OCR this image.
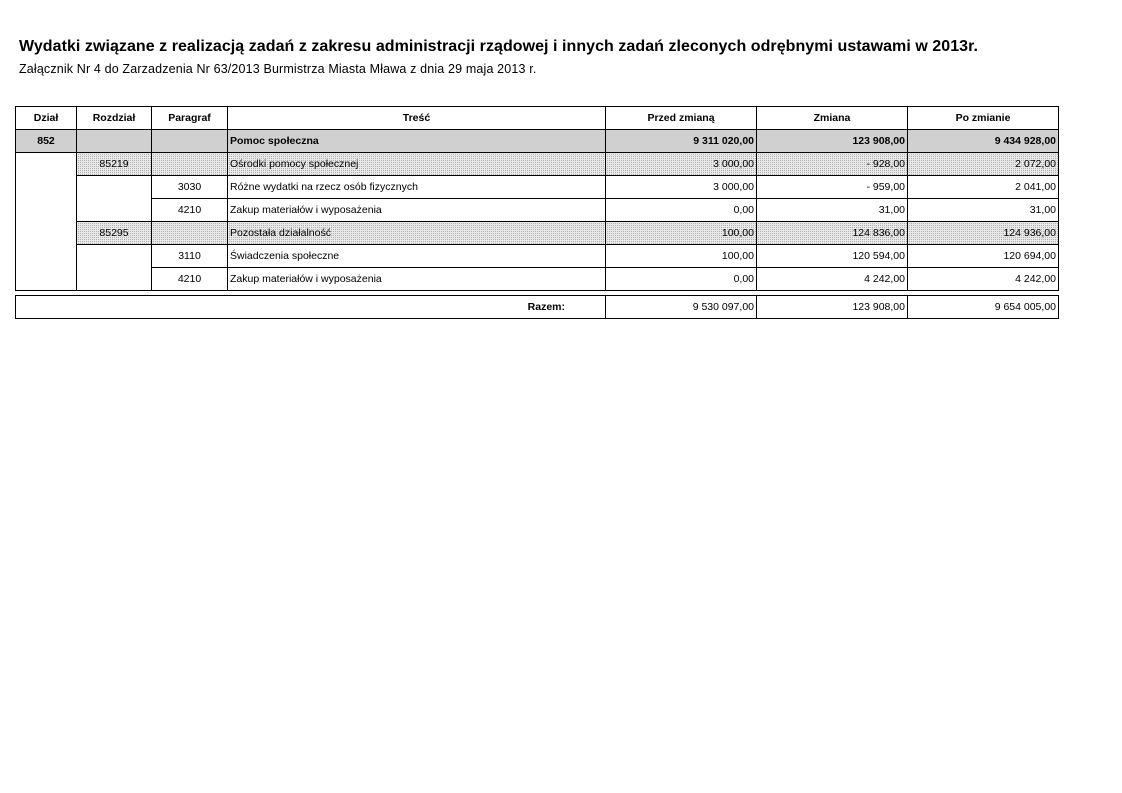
Wydatki związane z realizacją zadań z zakresu administracji rządowej i innych zadań zleconych odrębnymi ustawami w 2013r.
Załącznik Nr 4 do Zarzadzenia Nr 63/2013 Burmistrza Miasta Mława z dnia 29 maja 2013 r.
Dział	Rozdział	Paragraf	Treść	Przed zmianą	Zmiana	Po zmianie
852			Pomoc społeczna	9 311 020,00	123 908,00	9 434 928,00
	85219		Ośrodki pomocy społecznej	3 000,00	- 928,00	2 072,00
		3030	Różne wydatki na rzecz osób fizycznych	3 000,00	- 959,00	2 041,00
		4210	Zakup materiałów i wyposażenia	0,00	31,00	31,00
	85295		Pozostała działalność	100,00	124 836,00	124 936,00
		3110	Świadczenia społeczne	100,00	120 594,00	120 694,00
		4210	Zakup materiałów i wyposażenia	0,00	4 242,00	4 242,00
Razem:	9 530 097,00	123 908,00	9 654 005,00
